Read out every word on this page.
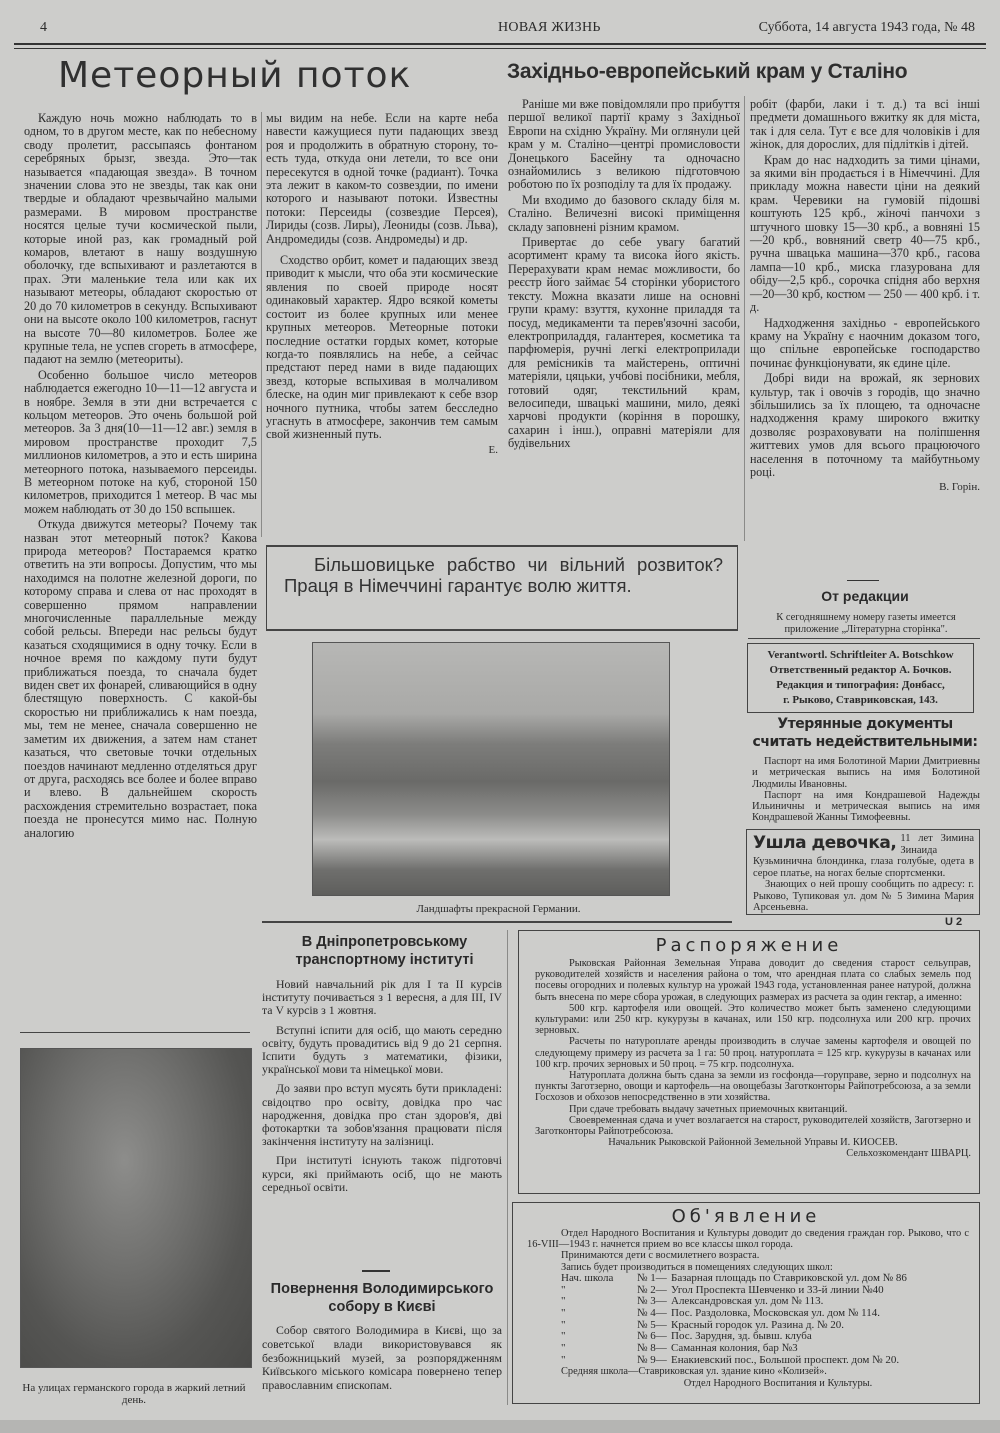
4	НОВАЯ ЖИЗНЬ	Суббота, 14 августа 1943 года, № 48
Метеорный поток

Каждую ночь можно наблюдать то в одном, то в другом месте, как по небесному своду пролетит, рассыпаясь фонтаном серебряных брызг, звезда. Это—так называется «падающая звезда». В точном значении слова это не звезды, так как они твердые и обладают чрезвычайно малыми размерами. В мировом пространстве носятся целые тучи космической пыли, которые иной раз, как громадный рой комаров, влетают в нашу воздушную оболочку, где вспыхивают и разлетаются в прах. Эти маленькие тела или как их называют метеоры, обладают скоростью от 20 до 70 километров в секунду. Вспыхивают они на высоте около 100 километров, гаснут на высоте 70—80 километров. Более же крупные тела, не успев сгореть в атмосфере, падают на землю (метеориты).

Особенно большое число метеоров наблюдается ежегодно 10—11—12 августа и в ноябре. Земля в эти дни встречается с кольцом метеоров. Это очень большой рой метеоров. За 3 дня(10—11—12 авг.) земля в мировом пространстве проходит 7,5 миллионов километров, а это и есть ширина метеорного потока, называемого персеиды. В метеорном потоке на куб, стороной 150 километров, приходится 1 метеор. В час мы можем наблюдать от 30 до 150 вспышек.

Откуда движутся метеоры? Почему так назван этот метеорный поток? Какова природа метеоров? Постараемся кратко ответить на эти вопросы. Допустим, что мы находимся на полотне железной дороги, по которому справа и слева от нас проходят в совершенно прямом направлении многочисленные параллельные между собой рельсы. Впереди нас рельсы будут казаться сходящимися в одну точку. Если в ночное время по каждому пути будут приближаться поезда, то сначала будет виден свет их фонарей, сливающийся в одну блестящую поверхность. С какой-бы скоростью ни приближались к нам поезда, мы, тем не менее, сначала совершенно не заметим их движения, а затем нам станет казаться, что световые точки отдельных поездов начинают медленно отделяться друг от друга, расходясь все более и более вправо и влево. В дальнейшем скорость расхождения стремительно возрастает, пока поезда не пронесутся мимо нас. Полную аналогию

мы видим на небе. Если на карте неба навести кажущиеся пути падающих звезд роя и продолжить в обратную сторону, то-есть туда, откуда они летели, то все они пересекутся в одной точке (радиант). Точка эта лежит в каком-то созвездии, по имени которого и называют потоки. Известны потоки: Персеиды (созвездие Персея), Лириды (созв. Лиры), Леониды (созв. Льва), Андромедиды (созв. Андромеды) и др.

Сходство орбит, комет и падающих звезд приводит к мысли, что оба эти космические явления по своей природе носят одинаковый характер. Ядро всякой кометы состоит из более крупных или менее крупных метеоров. Метеорные потоки последние остатки гордых комет, которые когда-то появлялись на небе, а сейчас предстают перед нами в виде падающих звезд, которые вспыхивая в молчаливом блеске, на один миг привлекают к себе взор ночного путника, чтобы затем бесследно угаснуть в атмосфере, закончив тем самым свой жизненный путь.

Е.
Західньо-европейський крам у Сталіно

Раніше ми вже повідомляли про прибуття першої великої партії краму з Західньої Европи на східню Україну. Ми оглянули цей крам у м. Сталіно—центрі промисловости Донецького Басейну та одночасно ознайомились з великою підготовчою роботою по їх розподілу та для їх продажу.

Ми входимо до базового складу біля м. Сталіно. Величезні високі приміщення складу заповнені різним крамом.

Привертає до себе увагу багатий асортимент краму та висока його якість. Перерахувати крам немає можливости, бо реєстр його займає 54 сторінки убористого тексту. Можна вказати лише на основні групи краму: взуття, кухонне приладдя та посуд, медикаменти та перев'язочні засоби, електроприладдя, галантерея, косметика та парфюмерія, ручні легкі електроприлади для ремісників та майстерень, оптичні матеріяли, цяцьки, учбові посібники, мебля, готовий одяг, текстильний крам, велосипеди, швацькі машини, мило, деякі харчові продукти (коріння в порошку, сахарин і інш.), оправні матеріяли для будівельних

робіт (фарби, лаки і т. д.) та всі інші предмети домашнього вжитку як для міста, так і для села. Тут є все для чоловіків і для жінок, для дорослих, для підлітків і дітей.

Крам до нас надходить за тими цінами, за якими він продається і в Німеччині. Для прикладу можна навести ціни на деякий крам. Черевики на гумовій підошві коштують 125 крб., жіночі панчохи з штучного шовку 15—30 крб., а вовняні 15—20 крб., вовняний светр 40—75 крб., ручна швацька машина—370 крб., гасова лампа—10 крб., миска глазурована для обіду—2,5 крб., сорочка спідня або верхня—20—30 крб, костюм — 250 — 400 крб. і т. д.

Надходження західньо - европейського краму на Україну є наочним доказом того, що спільне европейське господарство починає функціонувати, як єдине ціле.

Добрі види на врожай, як зернових культур, так і овочів з городів, що значно збільшились за їх площею, та одночасне надходження краму широкого вжитку дозволяє розраховувати на поліпшення життевих умов для всього працюючого населення в поточному та майбутньому році.

В. Горін.
Більшовицьке рабство чи вільний розвиток? Праця в Німеччині гарантує волю життя.
Ландшафты прекрасной Германии.
От редакции
К сегодняшнему номеру газеты имеется приложение „Літературна сторінка".
Verantwortl. Schriftleiter A. Botschkow
Ответственный редактор А. Бочков.
Редакция и типография: Донбасс,
г. Рыково, Ставриковская, 143.
Утерянные документы считать недействительными:

Паспорт на имя Болотиной Марии Дмитриевны и метрическая выпись на имя Болотиной Людмилы Ивановны.

Паспорт на имя Кондрашевой Надежды Ильиничны и метрическая выпись на имя Кондрашевой Жанны Тимофеевны.

Ушла девочка, 11 лет Зимина Зинаида Кузьминична блондинка, глаза голубые, одета в серое платье, на ногах белые спортсменки.
Знающих о ней прошу сообщить по адресу: г. Рыково, Тупиковая ул. дом № 5 Зимина Мария Арсеньевна.
U 2
В Дніпропетровському транспортному інституті

Новий навчальний рік для I та II курсів інституту почивається з 1 вересня, а для III, IV та V курсів з 1 жовтня.

Вступні іспити для осіб, що мають середню освіту, будуть провадитись від 9 до 21 серпня. Іспити будуть з математики, фізики, української мови та німецької мови.

До заяви про вступ мусять бути прикладені: свідоцтво про освіту, довідка про час народження, довідка про стан здоров'я, дві фотокартки та зобов'язання працювати після закінчення інституту на залізниці.

При інституті існують також підготовчі курси, які приймають осіб, що не мають середньої освіти.

Повернення Володимирського собору в Києві

Собор святого Володимира в Києві, що за советської влади використовувався як безбожницький музей, за розпорядженням Київського міського комісара повернено тепер православним єпископам.

На улицах германского города в жаркий летний день.
Распоряжение

Рыковская Районная Земельная Управа доводит до сведения старост сельуправ, руководителей хозяйств и населения района о том, что арендная плата со слабых земель под посевы огородних и полевых культур на урожай 1943 года, установленная ранее натурой, должна быть внесена по мере сбора урожая, в следующих размерах из расчета за один гектар, а именно:

500 кгр. картофеля или овощей. Это количество может быть заменено следующими культурами: или 250 кгр. кукурузы в качанах, или 150 кгр. подсолнуха или 200 кгр. прочих зерновых.

Расчеты по натуроплате аренды производить в случае замены картофеля и овощей по следующему примеру из расчета за 1 га: 50 проц. натуроплата = 125 кгр. кукурузы в качанах или 100 кгр. прочих зерновых и 50 проц. = 75 кгр. подсолнуха.

Натуроплата должна быть сдана за земли из госфонда—горуправе, зерно и подсолнух на пункты Заготзерно, овощи и картофель—на овощебазы Заготконторы Райпотребсоюза, а за земли Госхозов и обхозов непосредственно в эти хозяйства.

При сдаче требовать выдачу зачетных приемочных квитанций.

Своевременная сдача и учет возлагается на старост, руководителей хозяйств, Заготзерно и Заготконторы Райпотребсоюза.

Начальник Рыковской Районной Земельной Управы И. КИОСЕВ.
Сельхозкомендант ШВАРЦ.
Об'явление

Отдел Народного Воспитания и Культуры доводит до сведения граждан гор. Рыково, что с 16-VIII—1943 г. начнется прием во все классы школ города.

Принимаются дети с восмилетнего возраста.

Запись будет производиться в помещениях следующих школ:

Нач. школа	№ 1— Базарная площадь по Ставриковской ул. дом № 86
"	№ 2— Угол Проспекта Шевченко и 33-й линии №40
"	№ 3— Александровская ул. дом № 113.
"	№ 4— Пос. Раздоловка, Московская ул. дом № 114.
"	№ 5— Красный городок ул. Разина д. № 20.
"	№ 6— Пос. Зарудня, зд. бывш. клуба
"	№ 8— Саманная колония, бар №3
"	№ 9— Енакиевский пос., Большой проспект. дом № 20.

Средняя школа—Ставриковская ул. здание кино «Колизей».

Отдел Народного Воспитания и Культуры.
